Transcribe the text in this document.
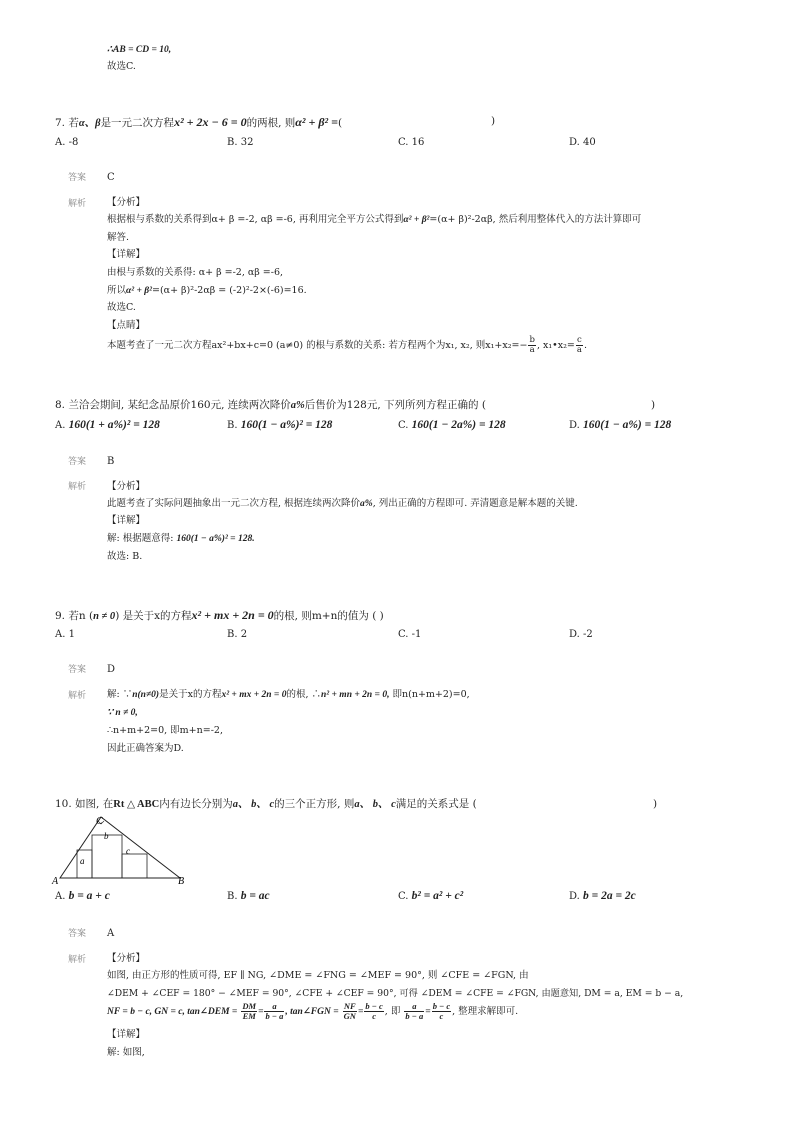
∴AB = CD = 10,
故选C.
7. 若α、β是一元二次方程x² + 2x − 6 = 0的两根, 则α² + β² =(	)
A. -8	B. 32	C. 16	D. 40
答案 C
解析 【分析】
根据根与系数的关系得到α+ β =-2, αβ =-6, 再利用完全平方公式得到α² + β²=(α+ β)²-2αβ, 然后利用整体代入的方法计算即可
解答.
【详解】
由根与系数的关系得: α+ β =-2, αβ =-6,
所以α² + β²=(α+ β)²-2αβ = (-2)²-2×(-6)=16.
故选C.
【点睛】
本题考查了一元二次方程ax²+bx+c=0 (a≠0) 的根与系数的关系: 若方程两个为x₁, x₂, 则$x_1+x_2=- \frac{b}{a}$ , x₁•x₂= $\frac{c}{a}$ .
8. 兰洽会期间, 某纪念品原价160元, 连续两次降价a%后售价为128元, 下列所列方程正确的 (	)
A. 160(1 + a%)² = 128	B. 160(1 − a%)² = 128	C. 160(1 − 2a%) = 128	D. 160(1 − a%) = 128
答案 B
解析 【分析】
此题考查了实际问题抽象出一元二次方程, 根据连续两次降价a%, 列出正确的方程即可. 弄清题意是解本题的关键.
【详解】
解: 根据题意得: 160(1 − a%)² = 128.
故选: B.
9. 若n (n ≠ 0) 是关于x的方程x² + mx + 2n = 0的根, 则m+n的值为 ( )
A. 1	B. 2	C. -1	D. -2
答案 D
解析 解: ∵n(n≠0)是关于x的方程x² + mx + 2n = 0的根, ∴n² + mn + 2n = 0, 即n(n+m+2)=0,
∵ n ≠ 0,
∴n+m+2=0, 即m+n=-2,
因此正确答案为D.
10. 如图, 在Rt △ ABC内有边长分别为a、 b、 c的三个正方形, 则a、 b、 c满足的关系式是 (	)
A	B
C
a
b
c
A. b = a + c	B. b = ac	C. b² = a² + c²	D. b = 2a = 2c
答案 A
解析 【分析】
如图, 由正方形的性质可得, EF ∥ NG, ∠DME = ∠FNG = ∠MEF = 90°, 则 ∠CFE = ∠FGN, 由
∠DEM + ∠CEF = 180° − ∠MEF = 90°, ∠CFE + ∠CEF = 90°, 可得 ∠DEM = ∠CFE = ∠FGN, 由题意知, DM = a, EM = b − a,
NF = b − c, GN = c, tan∠DEM = $\frac{DM}{EM} = \frac{a}{b - a}$ , tan∠FGN = $\frac{NF}{GN} = \frac{b - c}{c}$ , 即 $\frac{a}{b - a} = \frac{b - c}{c}$ , 整理求解即可.
【详解】
解: 如图,
